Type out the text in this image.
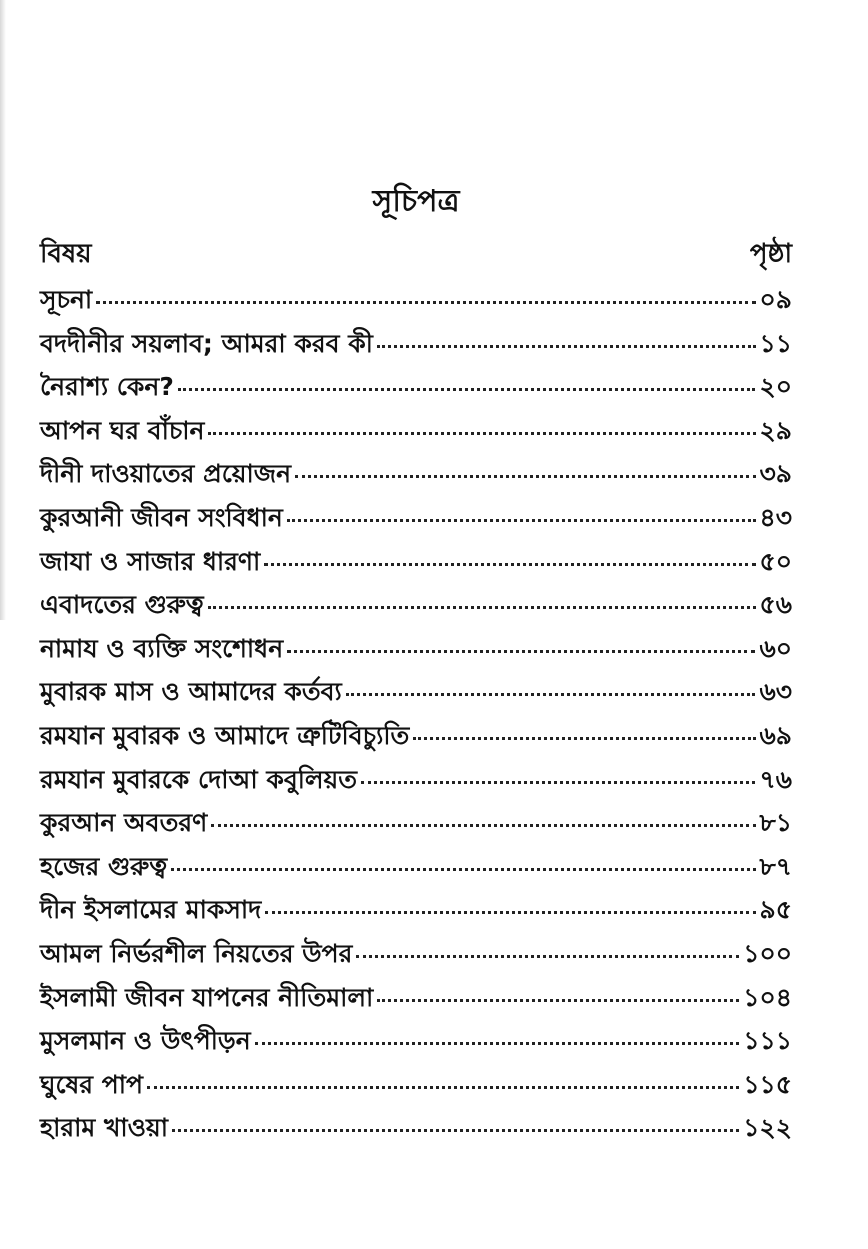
সূচিপত্র
বিষয়	পৃষ্ঠা
সূচনা	০৯
বদদীনীর সয়লাব; আমরা করব কী	১১
নৈরাশ্য কেন?	২০
আপন ঘর বাঁচান	২৯
দীনী দাওয়াতের প্রয়োজন	৩৯
কুরআনী জীবন সংবিধান	৪৩
জাযা ও সাজার ধারণা	৫০
এবাদতের গুরুত্ব	৫৬
নামায ও ব্যক্তি সংশোধন	৬০
মুবারক মাস ও আমাদের কর্তব্য	৬৩
রমযান মুবারক ও আমাদে ত্রুটিবিচ্যুতি	৬৯
রমযান মুবারকে দোআ কবুলিয়ত	৭৬
কুরআন অবতরণ	৮১
হজের গুরুত্ব	৮৭
দীন ইসলামের মাকসাদ	৯৫
আমল নির্ভরশীল নিয়তের উপর	১০০
ইসলামী জীবন যাপনের নীতিমালা	১০৪
মুসলমান ও উৎপীড়ন	১১১
ঘুষের পাপ	১১৫
হারাম খাওয়া	১২২
